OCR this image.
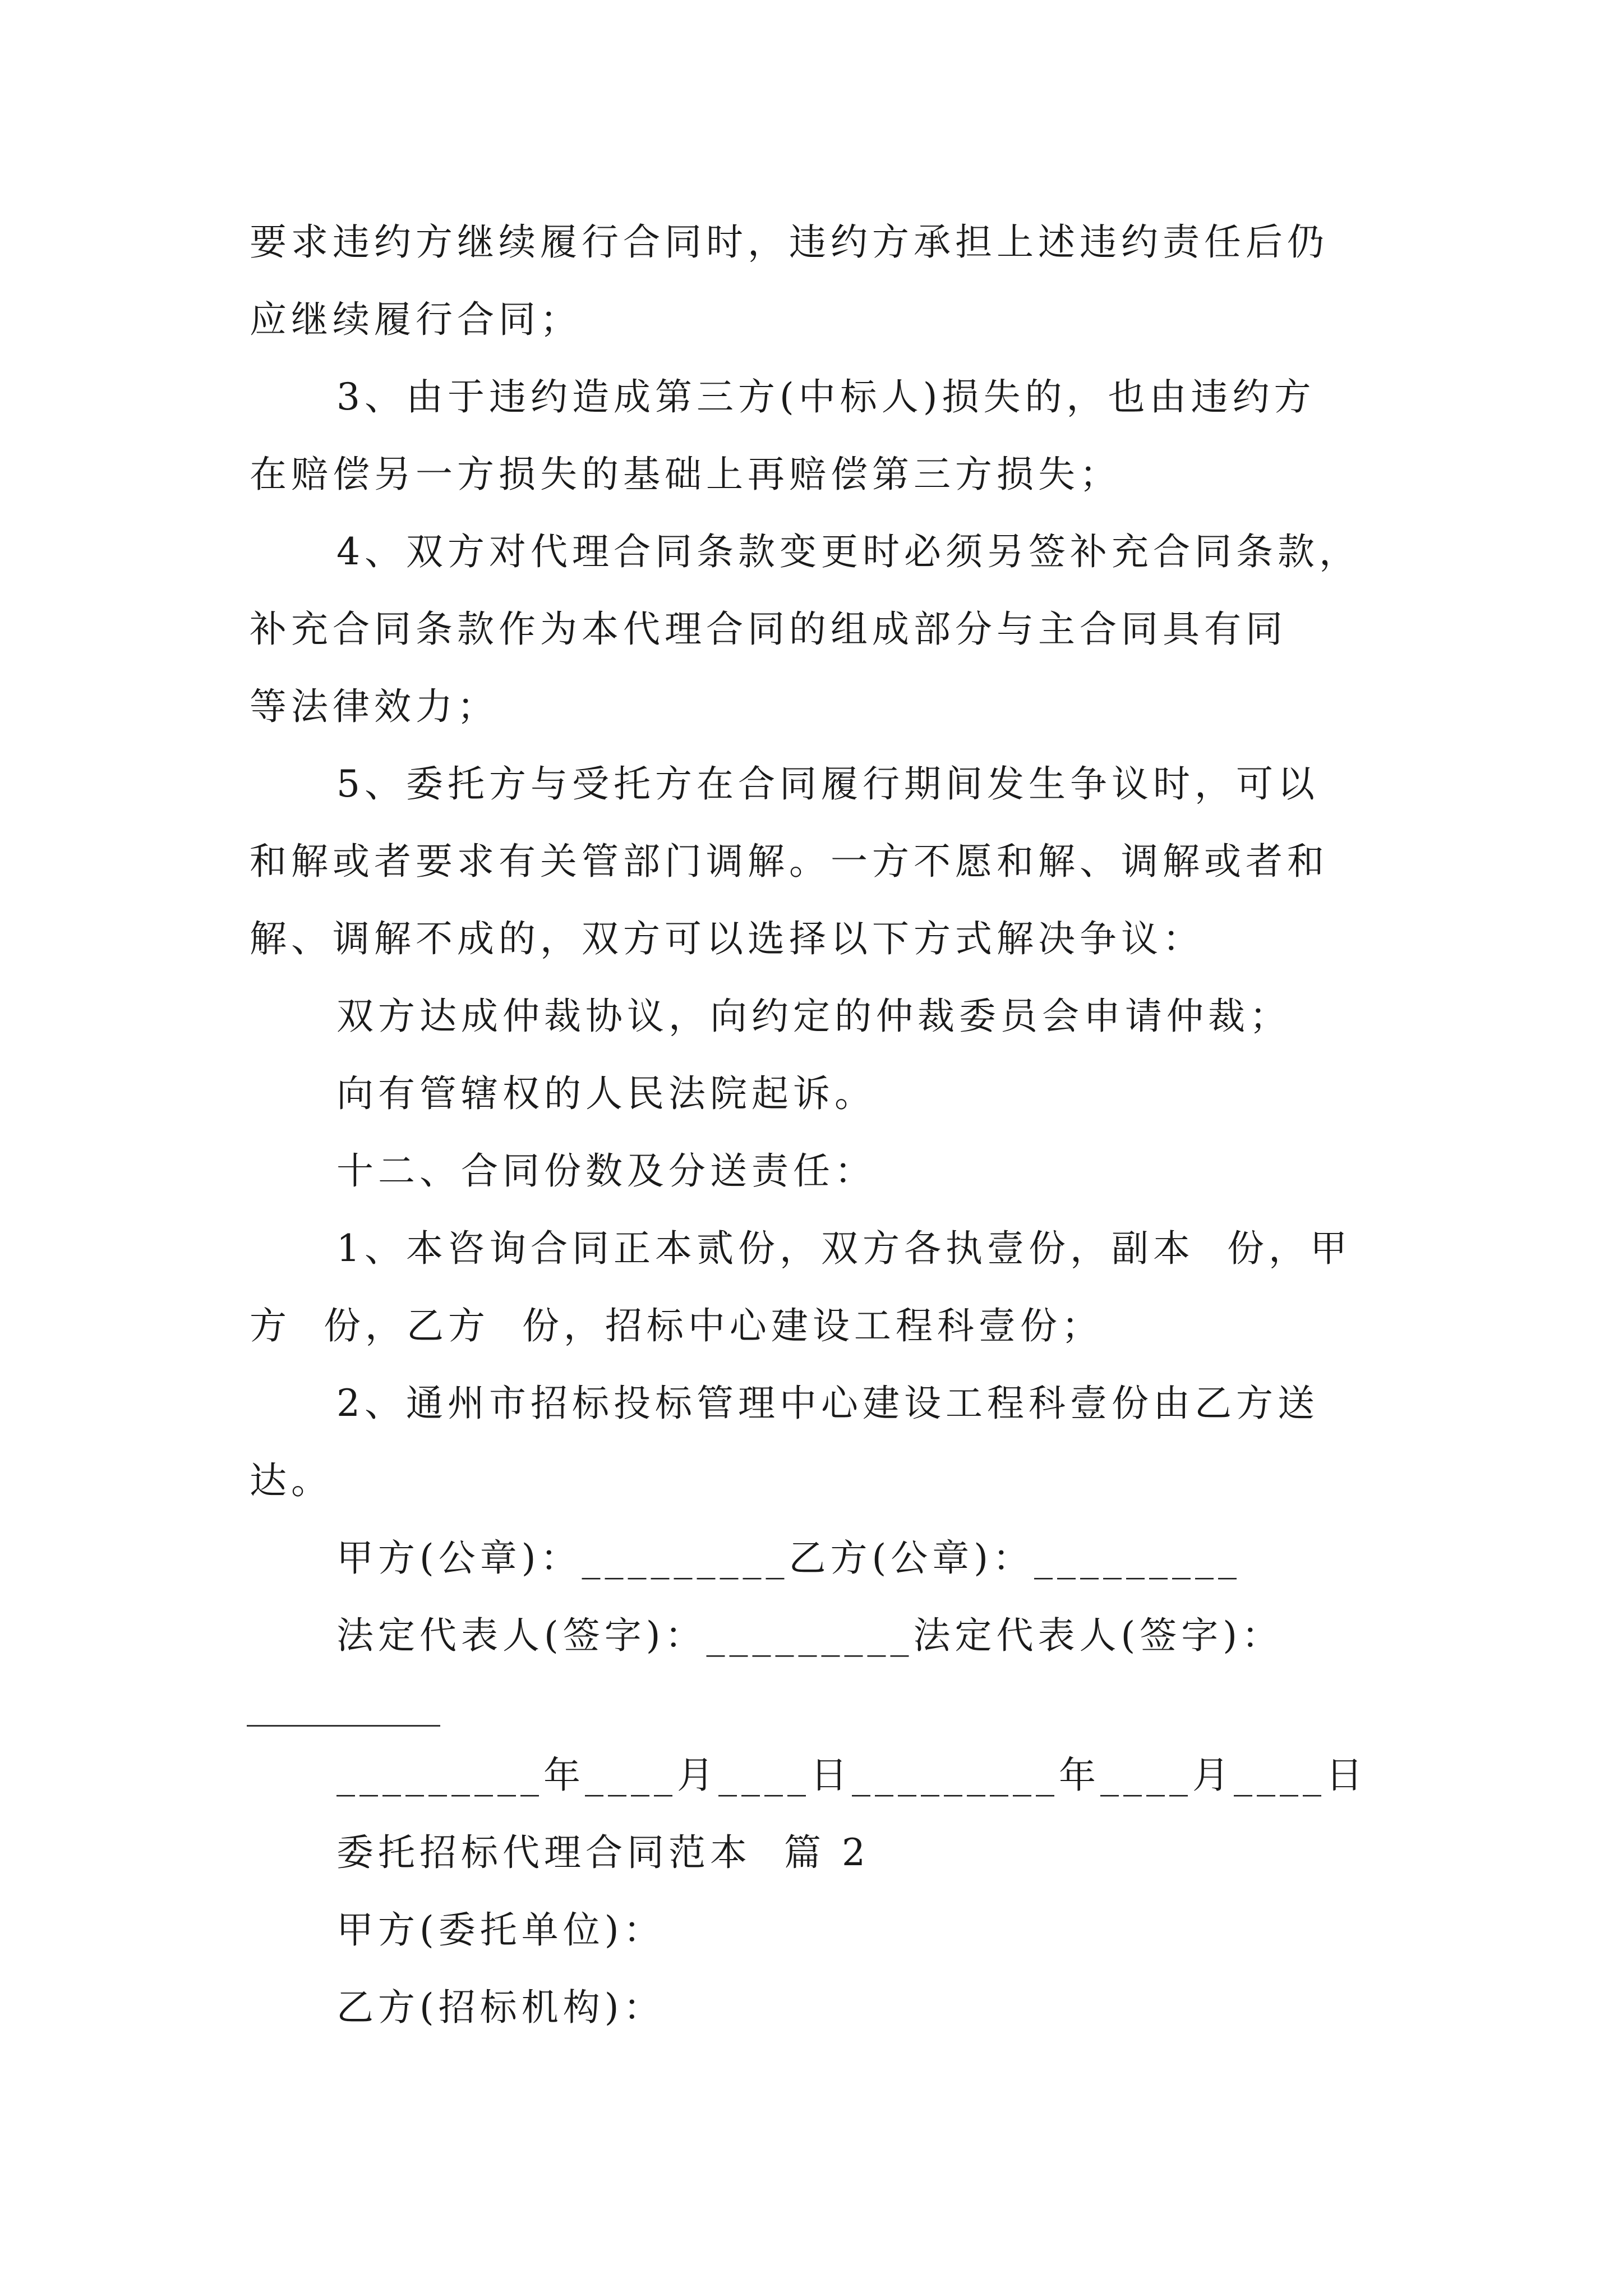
要求违约方继续履行合同时，违约方承担上述违约责任后仍
应继续履行合同；
3、由于违约造成第三方(中标人)损失的，也由违约方
在赔偿另一方损失的基础上再赔偿第三方损失；
4、双方对代理合同条款变更时必须另签补充合同条款，
补充合同条款作为本代理合同的组成部分与主合同具有同
等法律效力；
5、委托方与受托方在合同履行期间发生争议时，可以
和解或者要求有关管部门调解。一方不愿和解、调解或者和
解、调解不成的，双方可以选择以下方式解决争议：
双方达成仲裁协议，向约定的仲裁委员会申请仲裁；
向有管辖权的人民法院起诉。
十二、合同份数及分送责任：
1、本咨询合同正本贰份，双方各执壹份，副本  份，甲
方  份，乙方  份，招标中心建设工程科壹份；
2、通州市招标投标管理中心建设工程科壹份由乙方送
达。
甲方(公章)：_________乙方(公章)：_________
法定代表人(签字)：_________法定代表人(签字)：
_________年____月____日_________年____月____日
委托招标代理合同范本  篇 2
甲方(委托单位)：
乙方(招标机构)：
